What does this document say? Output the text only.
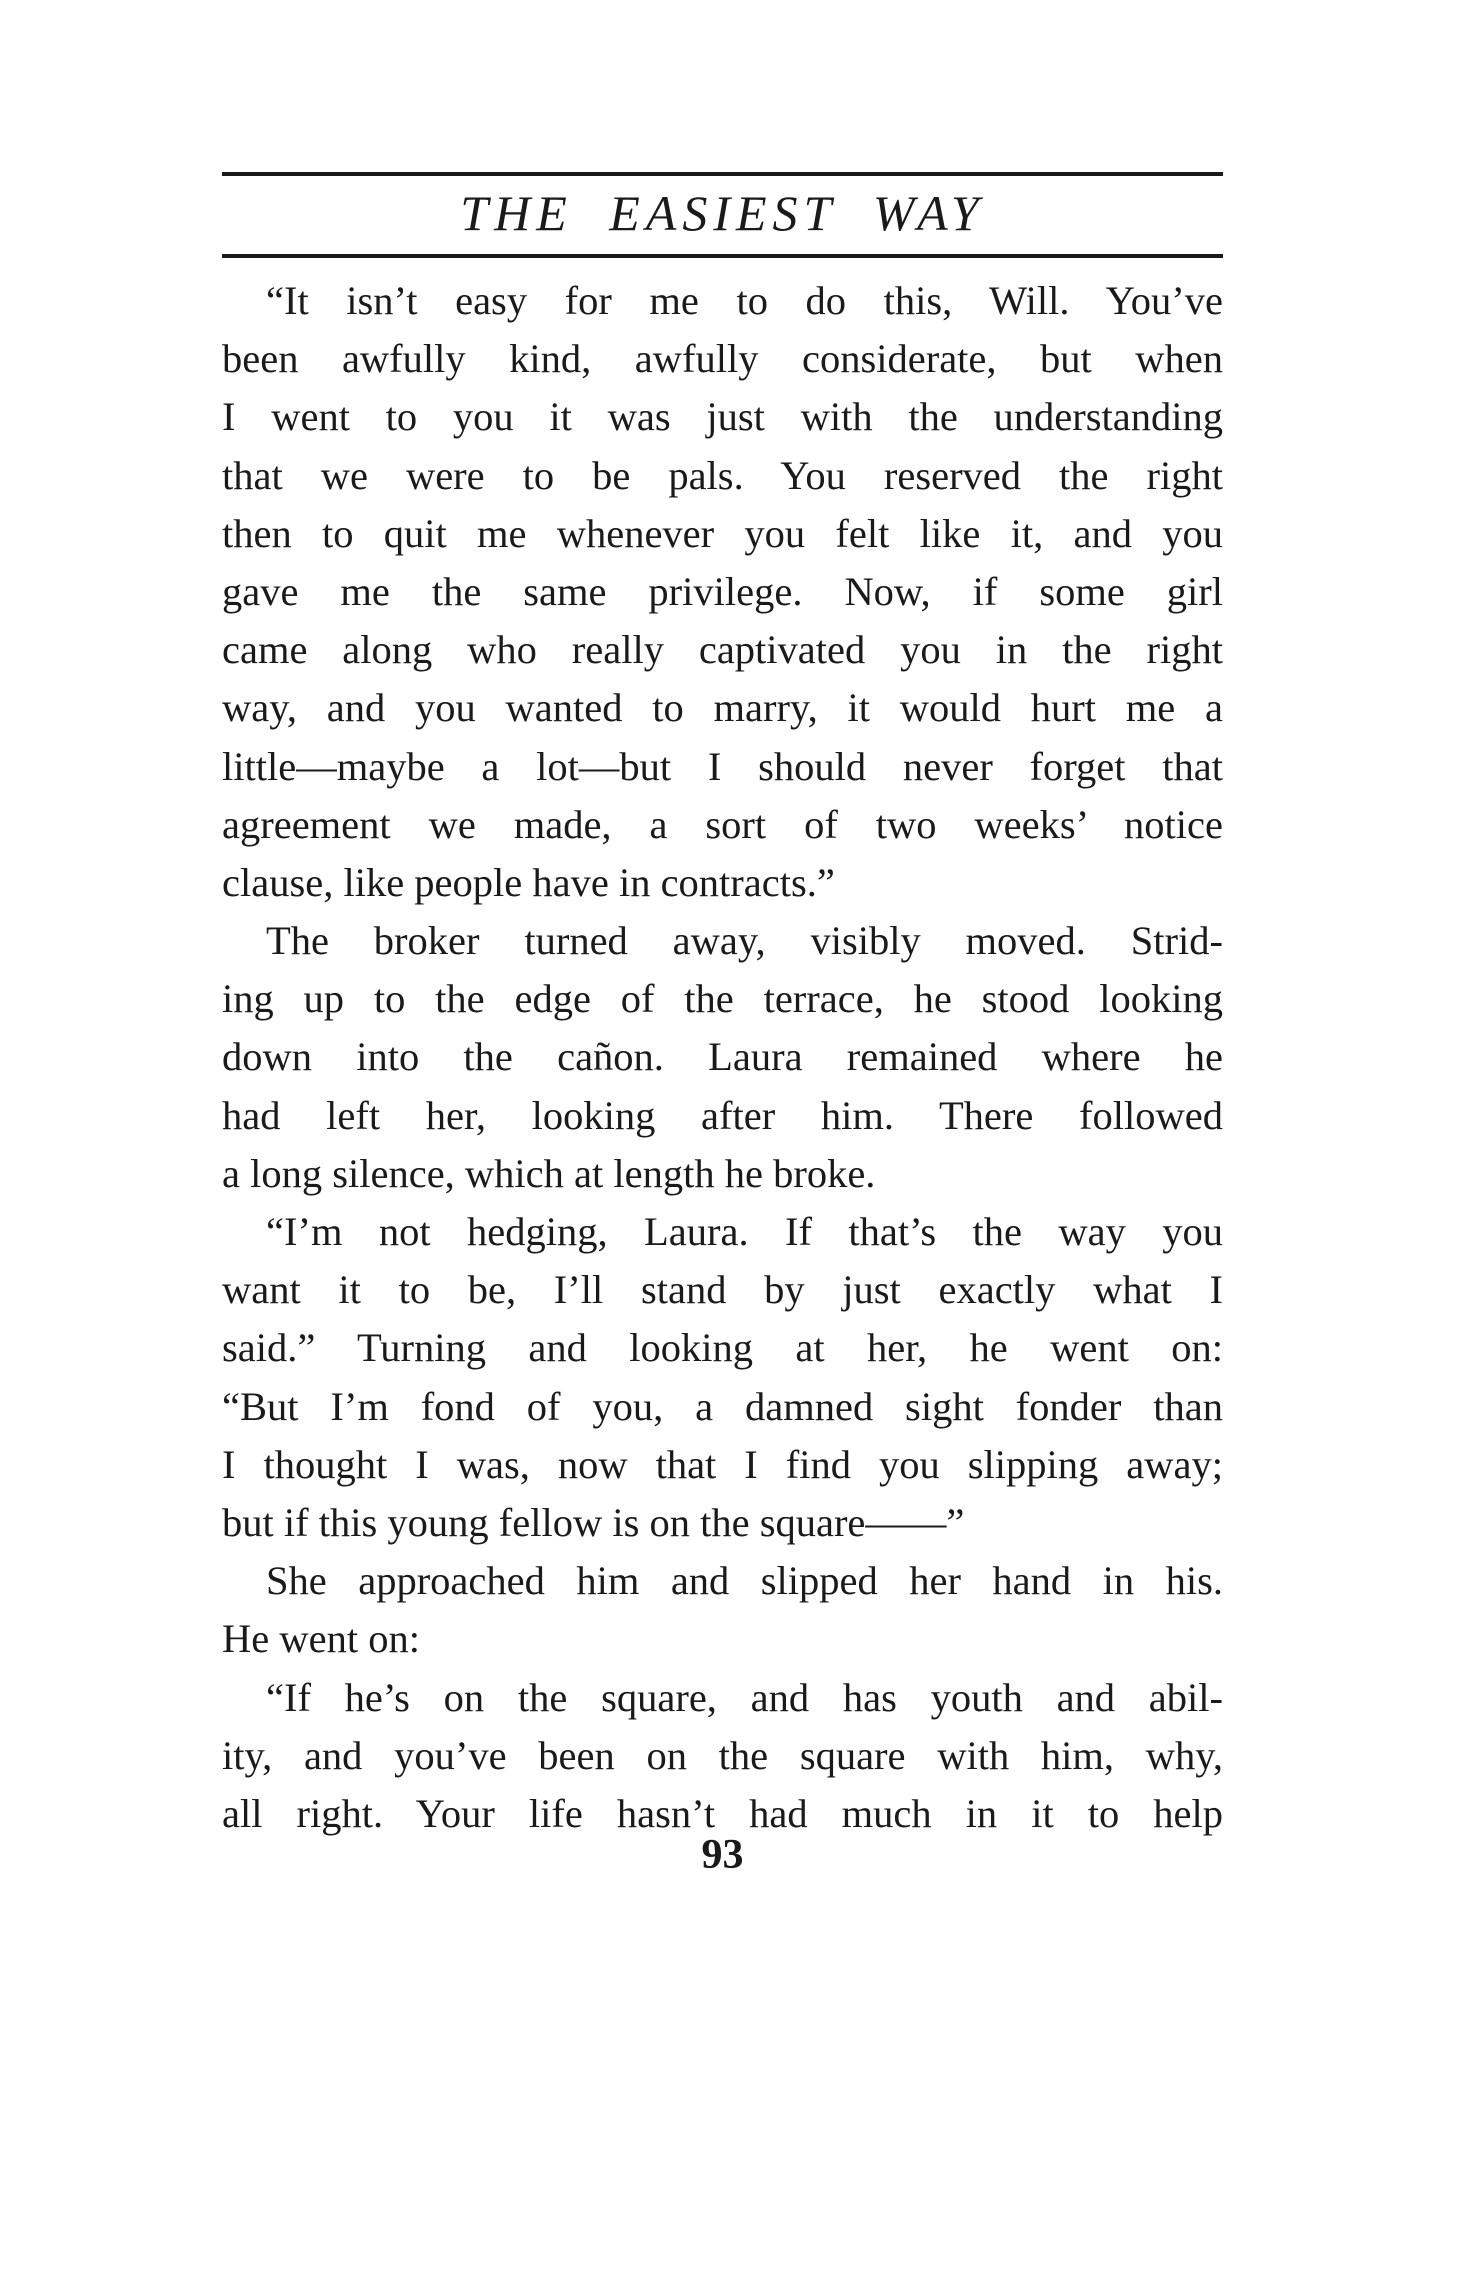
THE EASIEST WAY
“It isn’t easy for me to do this, Will. You’ve
been awfully kind, awfully considerate, but when
I went to you it was just with the understanding
that we were to be pals. You reserved the right
then to quit me whenever you felt like it, and you
gave me the same privilege. Now, if some girl
came along who really captivated you in the right
way, and you wanted to marry, it would hurt me a
little—maybe a lot—but I should never forget that
agreement we made, a sort of two weeks’ notice
clause, like people have in contracts.”
The broker turned away, visibly moved. Strid-
ing up to the edge of the terrace, he stood looking
down into the cañon. Laura remained where he
had left her, looking after him. There followed
a long silence, which at length he broke.
“I’m not hedging, Laura. If that’s the way you
want it to be, I’ll stand by just exactly what I
said.” Turning and looking at her, he went on:
“But I’m fond of you, a damned sight fonder than
I thought I was, now that I find you slipping away;
but if this young fellow is on the square——”
She approached him and slipped her hand in his.
He went on:
“If he’s on the square, and has youth and abil-
ity, and you’ve been on the square with him, why,
all right. Your life hasn’t had much in it to help

93
